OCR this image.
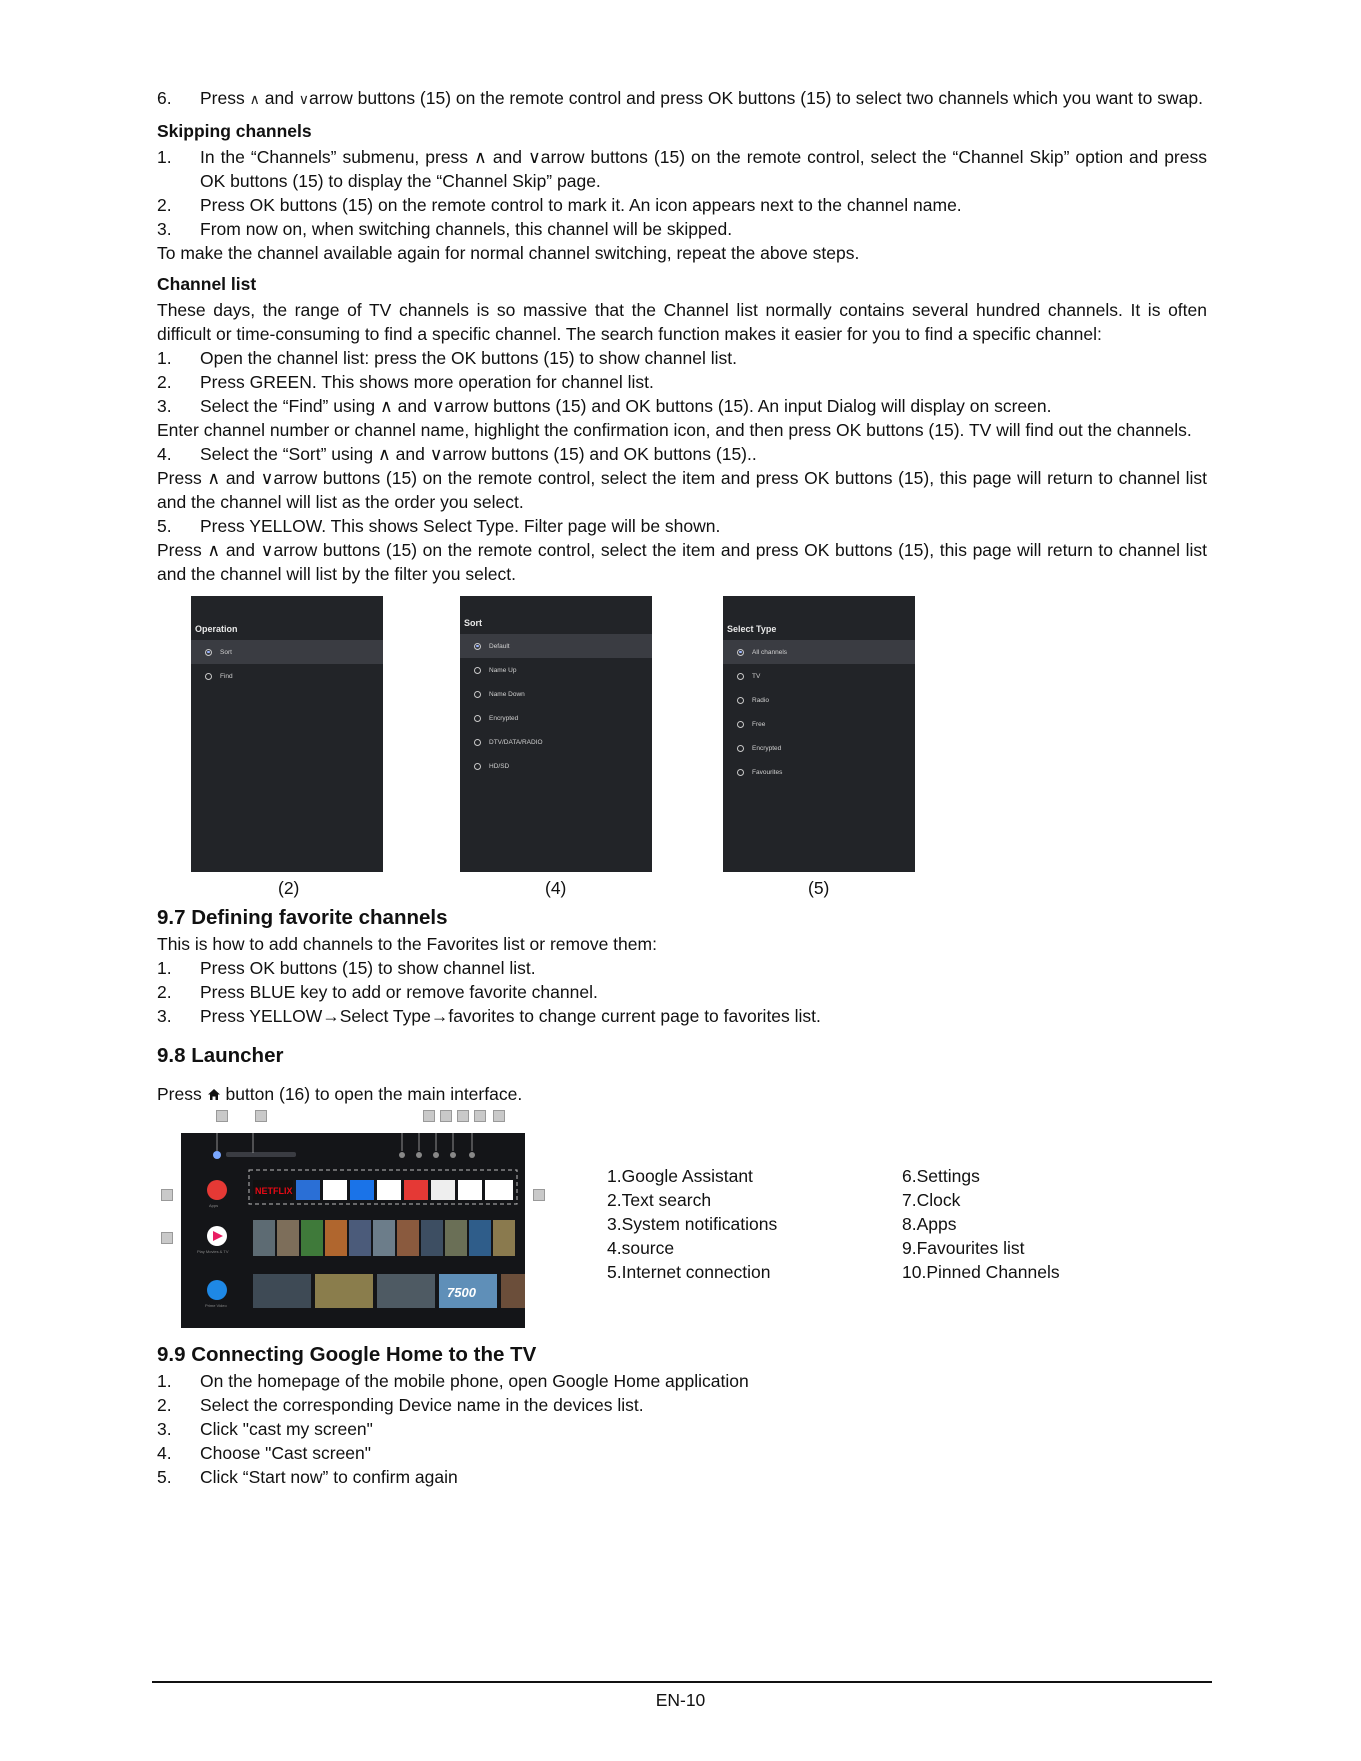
6.	Press ∧ and ∨arrow buttons (15) on the remote control and press OK buttons (15) to select two channels which you want to swap.
Skipping channels
1.	In the “Channels” submenu, press ∧ and ∨arrow buttons (15) on the remote control, select the “Channel Skip” option and press OK buttons (15) to display the “Channel Skip” page.
2.	Press OK buttons (15) on the remote control to mark it. An icon appears next to the channel name.
3.	From now on, when switching channels, this channel will be skipped.

To make the channel available again for normal channel switching, repeat the above steps.

Channel list

These days, the range of TV channels is so massive that the Channel list normally contains several hundred channels. It is often difficult or time-consuming to find a specific channel. The search function makes it easier for you to find a specific channel:

1.	Open the channel list: press the OK buttons (15) to show channel list.
2.	Press GREEN. This shows more operation for channel list.
3.	Select the “Find” using ∧ and ∨arrow buttons (15) and OK buttons (15). An input Dialog will display on screen.

Enter channel number or channel name, highlight the confirmation icon, and then press OK buttons (15). TV will find out the channels.

4.	Select the “Sort” using ∧ and ∨arrow buttons (15) and OK buttons (15)..

Press ∧ and ∨arrow buttons (15) on the remote control, select the item and press OK buttons (15), this page will return to channel list and the channel will list as the order you select.

5.	Press YELLOW. This shows Select Type. Filter page will be shown.

Press ∧ and ∨arrow buttons (15) on the remote control, select the item and press OK buttons (15), this page will return to channel list and the channel will list by the filter you select.

Operation
Sort
Find
(2)
Sort
Default
Name Up
Name Down
Encrypted
DTV/DATA/RADIO
HD/SD
(4)
Select Type
All channels
TV
Radio
Free
Encrypted
Favourites
(5)
9.7 Defining favorite channels

This is how to add channels to the Favorites list or remove them:

1.	Press OK buttons (15) to show channel list.
2.	Press BLUE key to add or remove favorite channel.
3.	Press YELLOW→Select Type→favorites to change current page to favorites list.
9.8 Launcher

Press  button (16) to open the main interface.

Apps
Play Movies & TV
Prime Video
NETFLIX
7500
1.Google Assistant
2.Text search
3.System notifications
4.source
5.Internet connection
6.Settings
7.Clock
8.Apps
9.Favourites list
10.Pinned Channels
9.9 Connecting Google Home to the TV
1.	On the homepage of the mobile phone, open Google Home application
2.	Select the corresponding Device name in the devices list.
3.	Click "cast my screen"
4.	Choose "Cast screen"
5.	Click “Start now” to confirm again
EN-10
